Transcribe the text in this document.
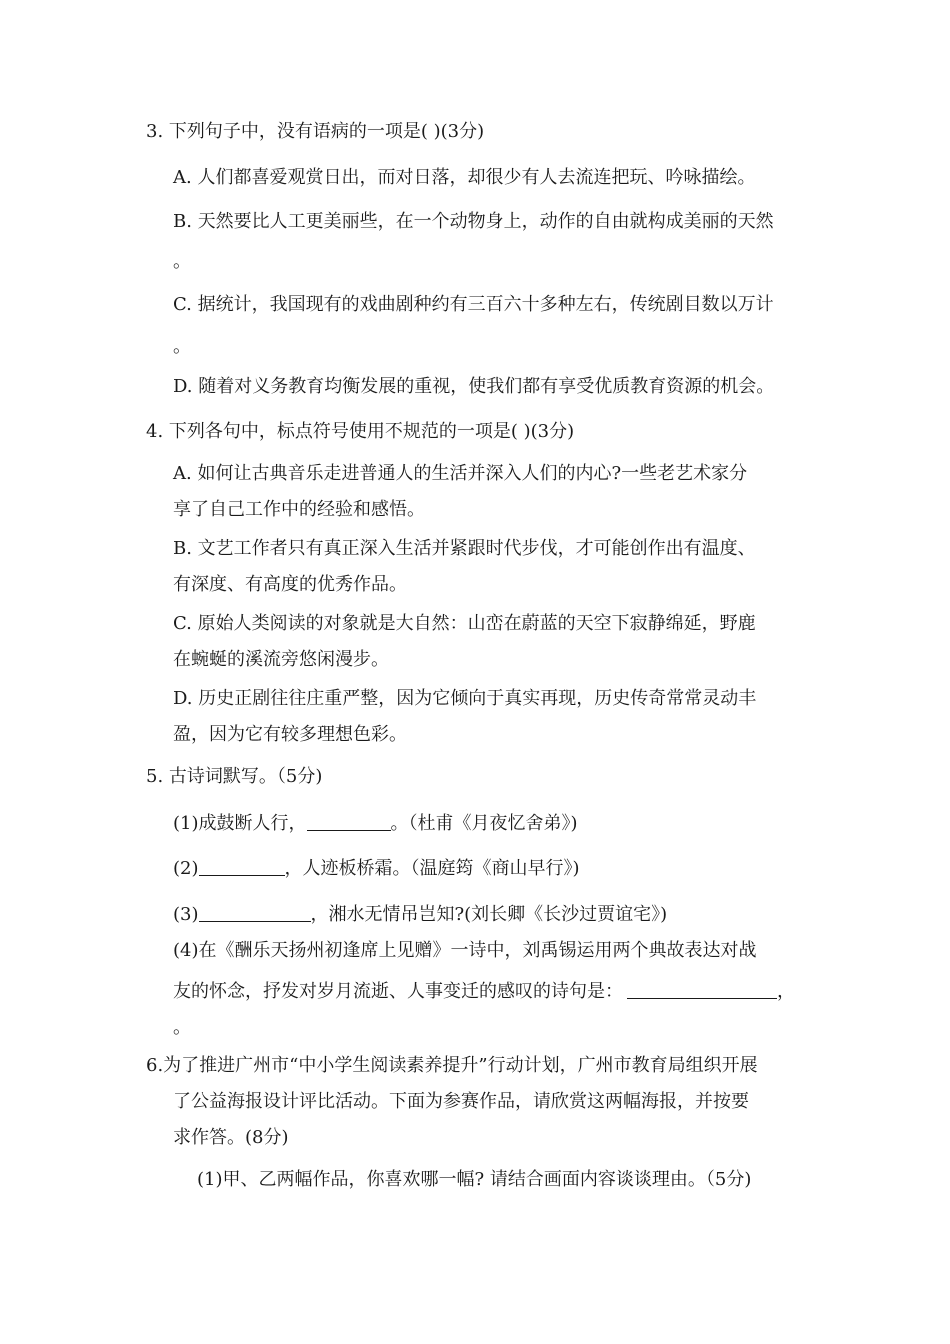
3. 下列句子中，没有语病的一项是( )(3分)
A. 人们都喜爱观赏日出，而对日落，却很少有人去流连把玩、吟咏描绘。
B. 天然要比人工更美丽些，在一个动物身上，动作的自由就构成美丽的天然
。
C. 据统计，我国现有的戏曲剧种约有三百六十多种左右，传统剧目数以万计
。
D. 随着对义务教育均衡发展的重视，使我们都有享受优质教育资源的机会。
4. 下列各句中，标点符号使用不规范的一项是( )(3分)
A. 如何让古典音乐走进普通人的生活并深入人们的内心?一些老艺术家分
享了自己工作中的经验和感悟。
B. 文艺工作者只有真正深入生活并紧跟时代步伐，才可能创作出有温度、
有深度、有高度的优秀作品。
C. 原始人类阅读的对象就是大自然：山峦在蔚蓝的天空下寂静绵延，野鹿
在蜿蜒的溪流旁悠闲漫步。
D. 历史正剧往往庄重严整，因为它倾向于真实再现，历史传奇常常灵动丰
盈，因为它有较多理想色彩。
5. 古诗词默写。（5分)
(1)成鼓断人行，	。（杜甫《月夜忆舍弟》)
(2)	，人迹板桥霜。（温庭筠《商山早行》)
(3)	，湘水无情吊岂知?(刘长卿《长沙过贾谊宅》)
(4)在《酬乐天扬州初逢席上见赠》一诗中，刘禹锡运用两个典故表达对战
友的怀念，抒发对岁月流逝、人事变迁的感叹的诗句是：	，
。
6.为了推进广州市“中小学生阅读素养提升”行动计划，广州市教育局组织开展
了公益海报设计评比活动。下面为参赛作品，请欣赏这两幅海报，并按要
求作答。(8分)
(1)甲、乙两幅作品，你喜欢哪一幅? 请结合画面内容谈谈理由。（5分)
